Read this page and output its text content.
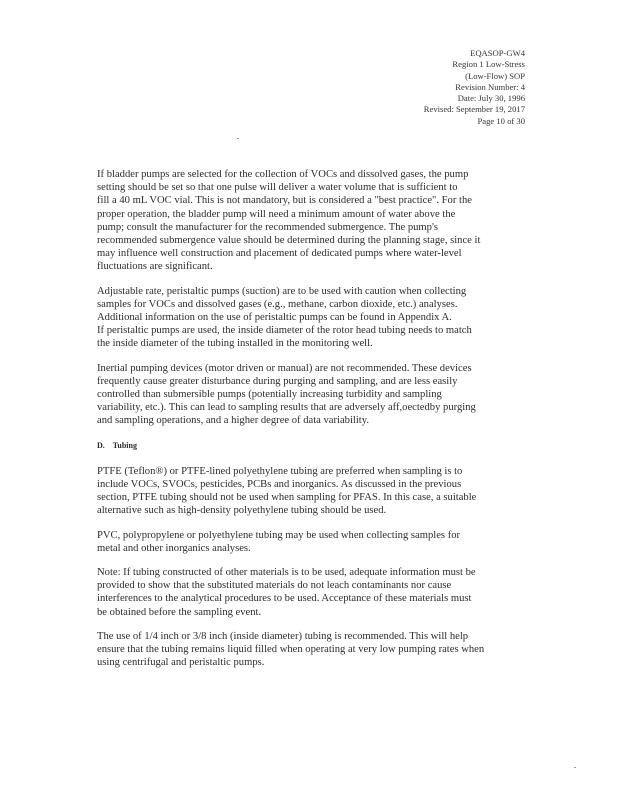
EQASOP-GW4
Region 1 Low-Stress
(Low-Flow) SOP
Revision Number: 4
Date: July 30, 1996
Revised: September 19, 2017
Page 10 of 30
If bladder pumps are selected for the collection of VOCs and dissolved gases, the pump
setting should be set so that one pulse will deliver a water volume that is sufficient to
fill a 40 mL VOC vial. This is not mandatory, but is considered a "best practice". For the
proper operation, the bladder pump will need a minimum amount of water above the
pump; consult the manufacturer for the recommended submergence. The pump's
recommended submergence value should be determined during the planning stage, since it
may influence well construction and placement of dedicated pumps where water-level
fluctuations are significant.
Adjustable rate, peristaltic pumps (suction) are to be used with caution when collecting
samples for VOCs and dissolved gases (e.g., methane, carbon dioxide, etc.) analyses.
Additional information on the use of peristaltic pumps can be found in Appendix A.
If peristaltic pumps are used, the inside diameter of the rotor head tubing needs to match
the inside diameter of the tubing installed in the monitoring well.
Inertial pumping devices (motor driven or manual) are not recommended. These devices
frequently cause greater disturbance during purging and sampling, and are less easily
controlled than submersible pumps (potentially increasing turbidity and sampling
variability, etc.). This can lead to sampling results that are adversely aff,oectedby purging
and sampling operations, and a higher degree of data variability.
D. Tubing
PTFE (Teflon®) or PTFE-lined polyethylene tubing are preferred when sampling is to
include VOCs, SVOCs, pesticides, PCBs and inorganics. As discussed in the previous
section, PTFE tubing should not be used when sampling for PFAS. In this case, a suitable
alternative such as high-density polyethylene tubing should be used.
PVC, polypropylene or polyethylene tubing may be used when collecting samples for
metal and other inorganics analyses.
Note: If tubing constructed of other materials is to be used, adequate information must be
provided to show that the substituted materials do not leach contaminants nor cause
interferences to the analytical procedures to be used. Acceptance of these materials must
be obtained before the sampling event.
The use of 1/4 inch or 3/8 inch (inside diameter) tubing is recommended. This will help
ensure that the tubing remains liquid filled when operating at very low pumping rates when
using centrifugal and peristaltic pumps.
